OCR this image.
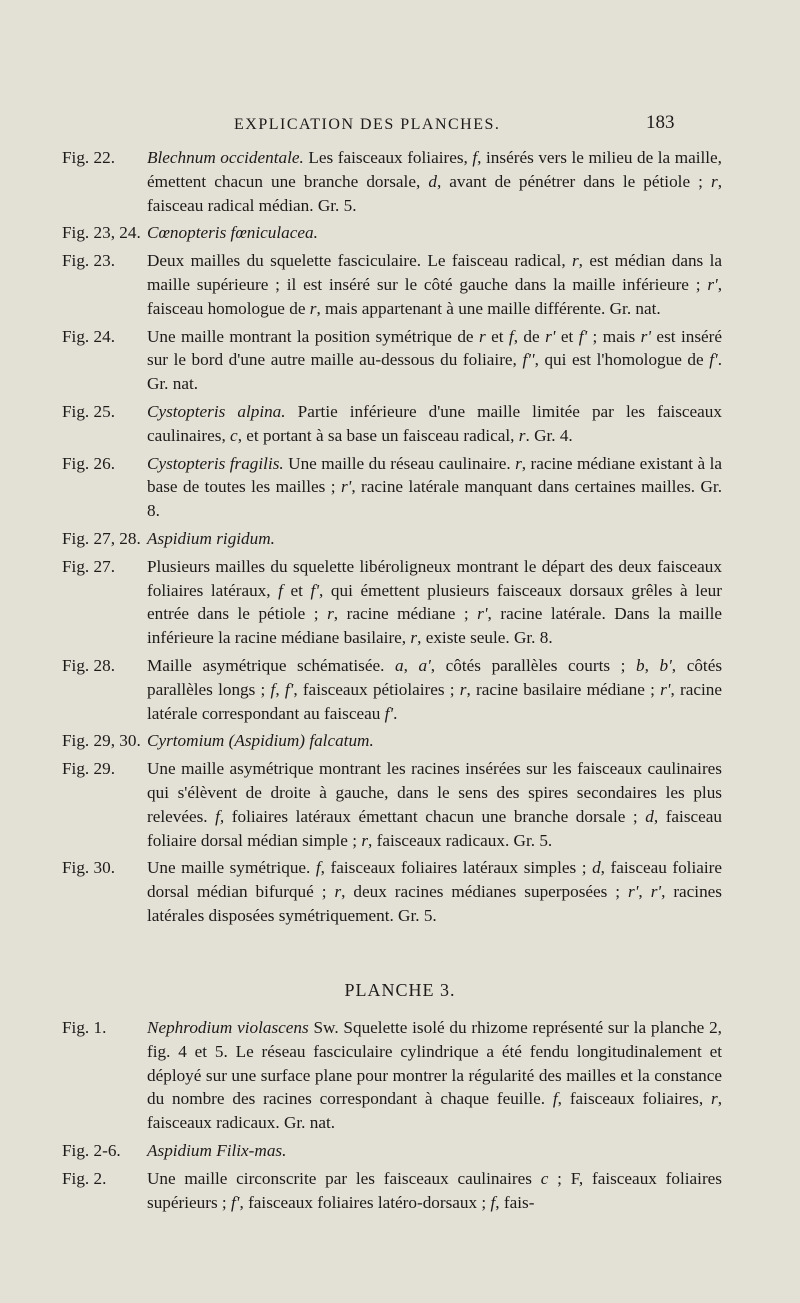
EXPLICATION DES PLANCHES.	183
Fig. 22.	Blechnum occidentale. Les faisceaux foliaires, f, insérés vers le milieu de la maille, émettent chacun une branche dorsale, d, avant de pénétrer dans le pétiole ; r, faisceau radical médian. Gr. 5.
Fig. 23, 24. Cœnopteris fœniculacea.
Fig. 23.	Deux mailles du squelette fasciculaire. Le faisceau radical, r, est médian dans la maille supérieure ; il est inséré sur le côté gauche dans la maille inférieure ; r', faisceau homologue de r, mais appartenant à une maille différente. Gr. nat.
Fig. 24.	Une maille montrant la position symétrique de r et f, de r' et f' ; mais r' est inséré sur le bord d'une autre maille au-dessous du foliaire, f'', qui est l'homologue de f'. Gr. nat.
Fig. 25.	Cystopteris alpina. Partie inférieure d'une maille limitée par les faisceaux caulinaires, c, et portant à sa base un faisceau radical, r. Gr. 4.
Fig. 26.	Cystopteris fragilis. Une maille du réseau caulinaire. r, racine médiane existant à la base de toutes les mailles ; r', racine latérale manquant dans certaines mailles. Gr. 8.
Fig. 27, 28. Aspidium rigidum.
Fig. 27.	Plusieurs mailles du squelette libéroligneux montrant le départ des deux faisceaux foliaires latéraux, f et f', qui émettent plusieurs faisceaux dorsaux grêles à leur entrée dans le pétiole ; r, racine médiane ; r', racine latérale. Dans la maille inférieure la racine médiane basilaire, r, existe seule. Gr. 8.
Fig. 28.	Maille asymétrique schématisée. a, a', côtés parallèles courts ; b, b', côtés parallèles longs ; f, f', faisceaux pétiolaires ; r, racine basilaire médiane ; r', racine latérale correspondant au faisceau f'.
Fig. 29, 30. Cyrtomium (Aspidium) falcatum.
Fig. 29.	Une maille asymétrique montrant les racines insérées sur les faisceaux caulinaires qui s'élèvent de droite à gauche, dans le sens des spires secondaires les plus relevées. f, foliaires latéraux émettant chacun une branche dorsale ; d, faisceau foliaire dorsal médian simple ; r, faisceaux radicaux. Gr. 5.
Fig. 30.	Une maille symétrique. f, faisceaux foliaires latéraux simples ; d, faisceau foliaire dorsal médian bifurqué ; r, deux racines médianes superposées ; r', r', racines latérales disposées symétriquement. Gr. 5.
PLANCHE 3.
Fig. 1.	Nephrodium violascens Sw. Squelette isolé du rhizome représenté sur la planche 2, fig. 4 et 5. Le réseau fasciculaire cylindrique a été fendu longitudinalement et déployé sur une surface plane pour montrer la régularité des mailles et la constance du nombre des racines correspondant à chaque feuille. f, faisceaux foliaires, r, faisceaux radicaux. Gr. nat.
Fig. 2-6.	Aspidium Filix-mas.
Fig. 2.	Une maille circonscrite par les faisceaux caulinaires c ; F, faisceaux foliaires supérieurs ; f', faisceaux foliaires latéro-dorsaux ; f, fais-
